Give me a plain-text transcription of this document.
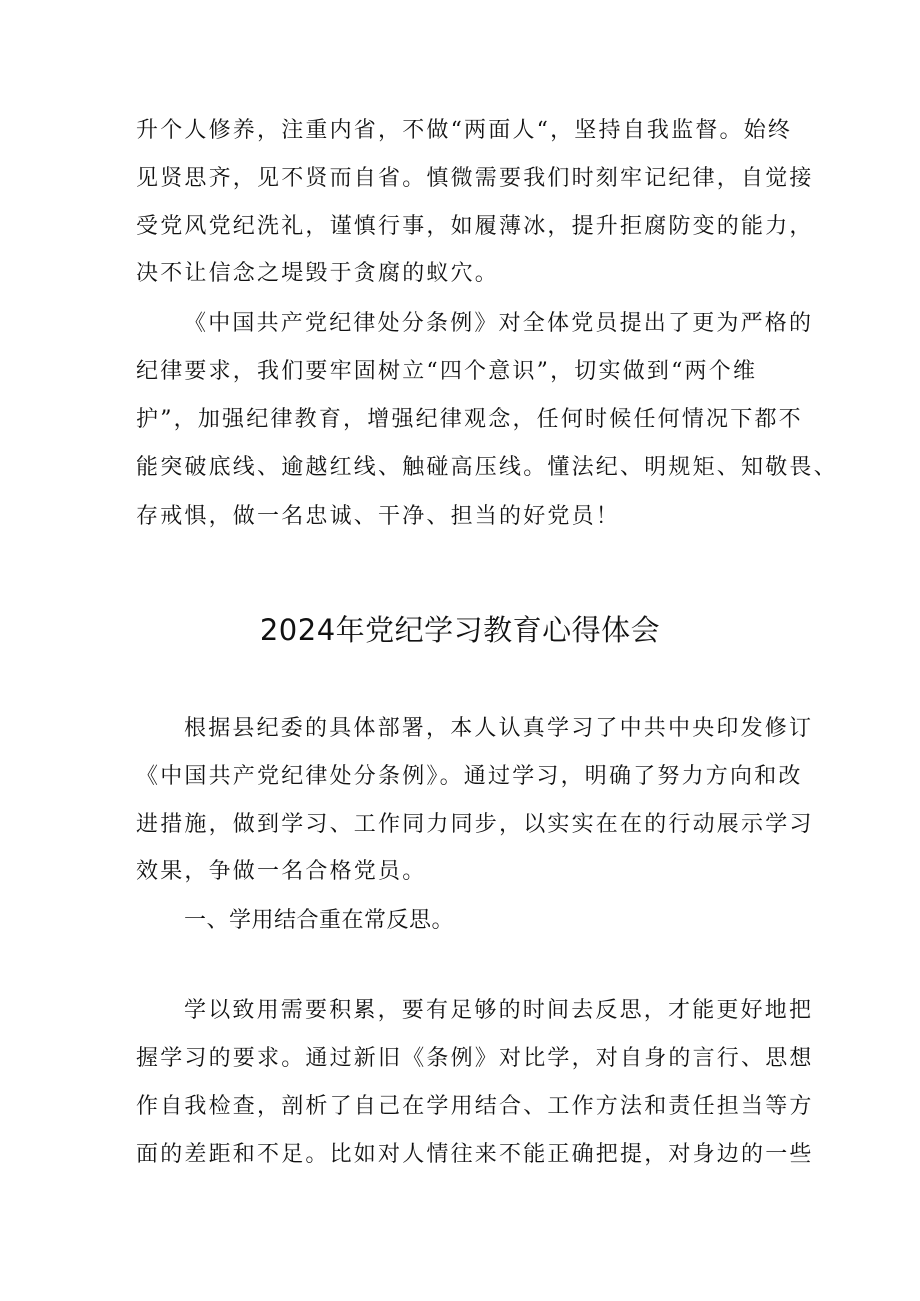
升个人修养，注重内省，不做“两面人“，坚持自我监督。始终
见贤思齐，见不贤而自省。慎微需要我们时刻牢记纪律，自觉接
受党风党纪洗礼，谨慎行事，如履薄冰，提升拒腐防变的能力，
决不让信念之堤毁于贪腐的蚁穴。
《中国共产党纪律处分条例》对全体党员提出了更为严格的
纪律要求，我们要牢固树立“四个意识”，切实做到“两个维
护”，加强纪律教育，增强纪律观念，任何时候任何情况下都不
能突破底线、逾越红线、触碰高压线。懂法纪、明规矩、知敬畏、
存戒惧，做一名忠诚、干净、担当的好党员！
2024年党纪学习教育心得体会
根据县纪委的具体部署，本人认真学习了中共中央印发修订
《中国共产党纪律处分条例》。通过学习，明确了努力方向和改
进措施，做到学习、工作同力同步，以实实在在的行动展示学习
效果，争做一名合格党员。
一、学用结合重在常反思。
学以致用需要积累，要有足够的时间去反思，才能更好地把
握学习的要求。通过新旧《条例》对比学，对自身的言行、思想
作自我检查，剖析了自己在学用结合、工作方法和责任担当等方
面的差距和不足。比如对人情往来不能正确把提，对身边的一些
